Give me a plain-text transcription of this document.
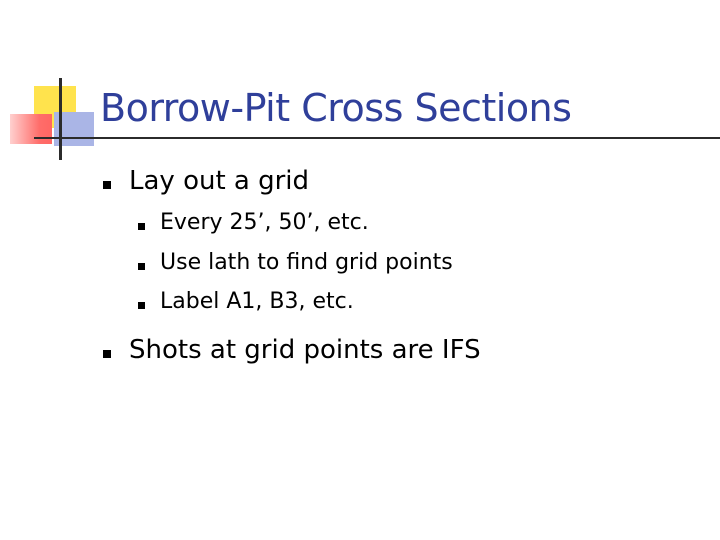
Borrow-Pit Cross Sections
Lay out a grid
Every 25’, 50’, etc.
Use lath to find grid points
Label A1, B3, etc.
Shots at grid points are IFS
